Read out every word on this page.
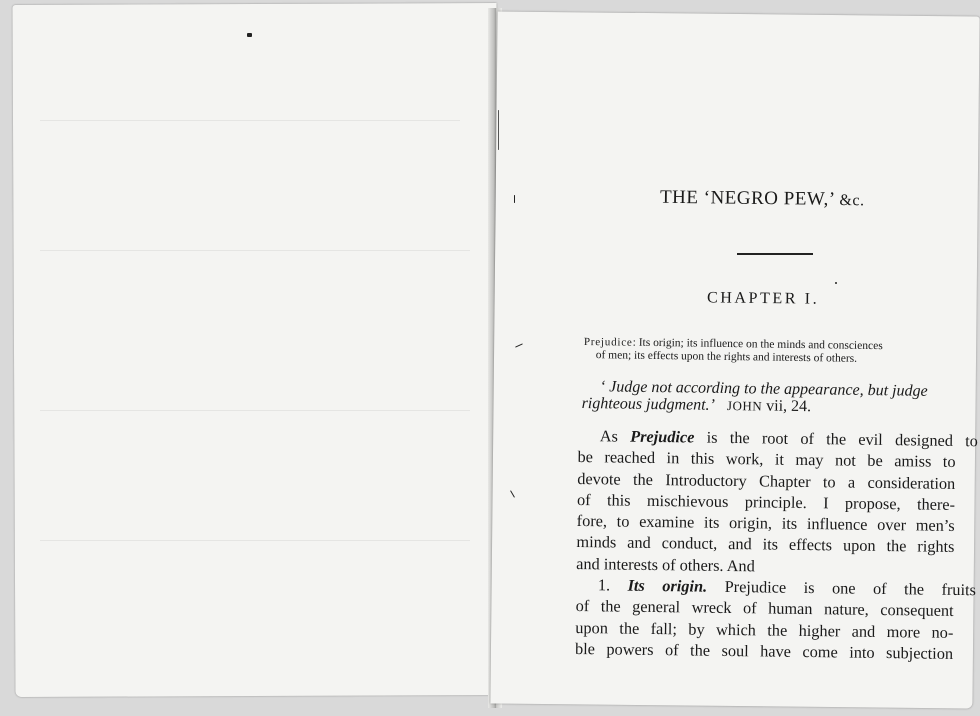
THE ‘NEGRO PEW,’ &c.
CHAPTER I.
Prejudice: Its origin; its influence on the minds and consciences
of men; its effects upon the rights and interests of others.
‘ Judge not according to the appearance, but judge
righteous judgment.’ JOHN vii, 24.
As Prejudice is the root of the evil designed to
be reached in this work, it may not be amiss to
devote the Introductory Chapter to a consideration
of this mischievous principle. I propose, there-
fore, to examine its origin, its influence over men’s
minds and conduct, and its effects upon the rights
and interests of others. And
1. Its origin. Prejudice is one of the fruits
of the general wreck of human nature, consequent
upon the fall; by which the higher and more no-
ble powers of the soul have come into subjection
